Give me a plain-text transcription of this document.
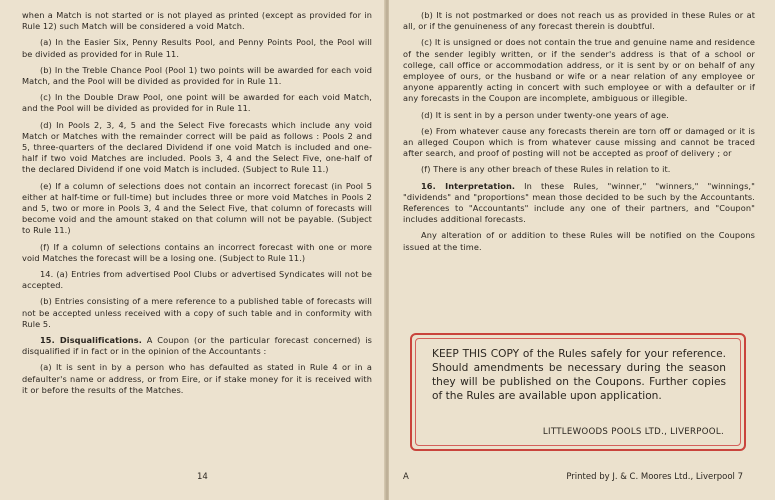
when a Match is not started or is not played as printed (except as provided for in Rule 12) such Match will be considered a void Match.

(a) In the Easier Six, Penny Results Pool, and Penny Points Pool, the Pool will be divided as provided for in Rule 11.

(b) In the Treble Chance Pool (Pool 1) two points will be awarded for each void Match, and the Pool will be divided as provided for in Rule 11.

(c) In the Double Draw Pool, one point will be awarded for each void Match, and the Pool will be divided as provided for in Rule 11.

(d) In Pools 2, 3, 4, 5 and the Select Five forecasts which include any void Match or Matches with the remainder correct will be paid as follows : Pools 2 and 5, three-quarters of the declared Dividend if one void Match is included and one-half if two void Matches are included. Pools 3, 4 and the Select Five, one-half of the declared Dividend if one void Match is included. (Subject to Rule 11.)

(e) If a column of selections does not contain an incorrect forecast (in Pool 5 either at half-time or full-time) but includes three or more void Matches in Pools 2 and 5, two or more in Pools 3, 4 and the Select Five, that column of forecasts will become void and the amount staked on that column will not be payable. (Subject to Rule 11.)

(f) If a column of selections contains an incorrect forecast with one or more void Matches the forecast will be a losing one. (Subject to Rule 11.)

14. (a) Entries from advertised Pool Clubs or advertised Syndicates will not be accepted.

(b) Entries consisting of a mere reference to a published table of forecasts will not be accepted unless received with a copy of such table and in conformity with Rule 5.

15. Disqualifications. A Coupon (or the particular forecast concerned) is disqualified if in fact or in the opinion of the Accountants :

(a) It is sent in by a person who has defaulted as stated in Rule 4 or in a defaulter's name or address, or from Eire, or if stake money for it is received with it or before the results of the Matches.

14

(b) It is not postmarked or does not reach us as provided in these Rules or at all, or if the genuineness of any forecast therein is doubtful.

(c) It is unsigned or does not contain the true and genuine name and residence of the sender legibly written, or if the sender's address is that of a school or college, call office or accommodation address, or it is sent by or on behalf of any employee of ours, or the husband or wife or a near relation of any employee or anyone apparently acting in concert with such employee or with a defaulter or if any forecasts in the Coupon are incomplete, ambiguous or illegible.

(d) It is sent in by a person under twenty-one years of age.

(e) From whatever cause any forecasts therein are torn off or damaged or it is an alleged Coupon which is from whatever cause missing and cannot be traced after search, and proof of posting will not be accepted as proof of delivery ; or

(f) There is any other breach of these Rules in relation to it.

16. Interpretation. In these Rules, "winner," "winners," "winnings," "dividends" and "proportions" mean those decided to be such by the Accountants. References to "Accountants" include any one of their partners, and "Coupon" includes additional forecasts.

Any alteration of or addition to these Rules will be notified on the Coupons issued at the time.

KEEP THIS COPY of the Rules safely for your reference. Should amendments be necessary during the season they will be published on the Coupons. Further copies of the Rules are available upon application.

LITTLEWOODS POOLS LTD., LIVERPOOL.
A	Printed by J. & C. Moores Ltd., Liverpool 7
